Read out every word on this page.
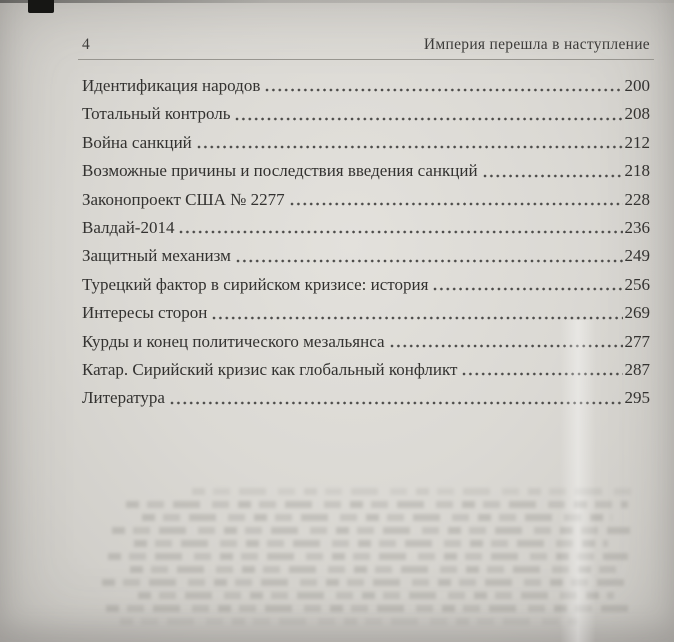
4	Империя перешла в наступление
Идентификация народов	200
Тотальный контроль	208
Война санкций	212
Возможные причины и последствия введения санкций	218
Законопроект США № 2277	228
Валдай-2014	236
Защитный механизм	249
Турецкий фактор в сирийском кризисе: история	256
Интересы сторон	269
Курды и конец политического мезальянса	277
Катар. Сирийский кризис как глобальный конфликт	287
Литература	295
